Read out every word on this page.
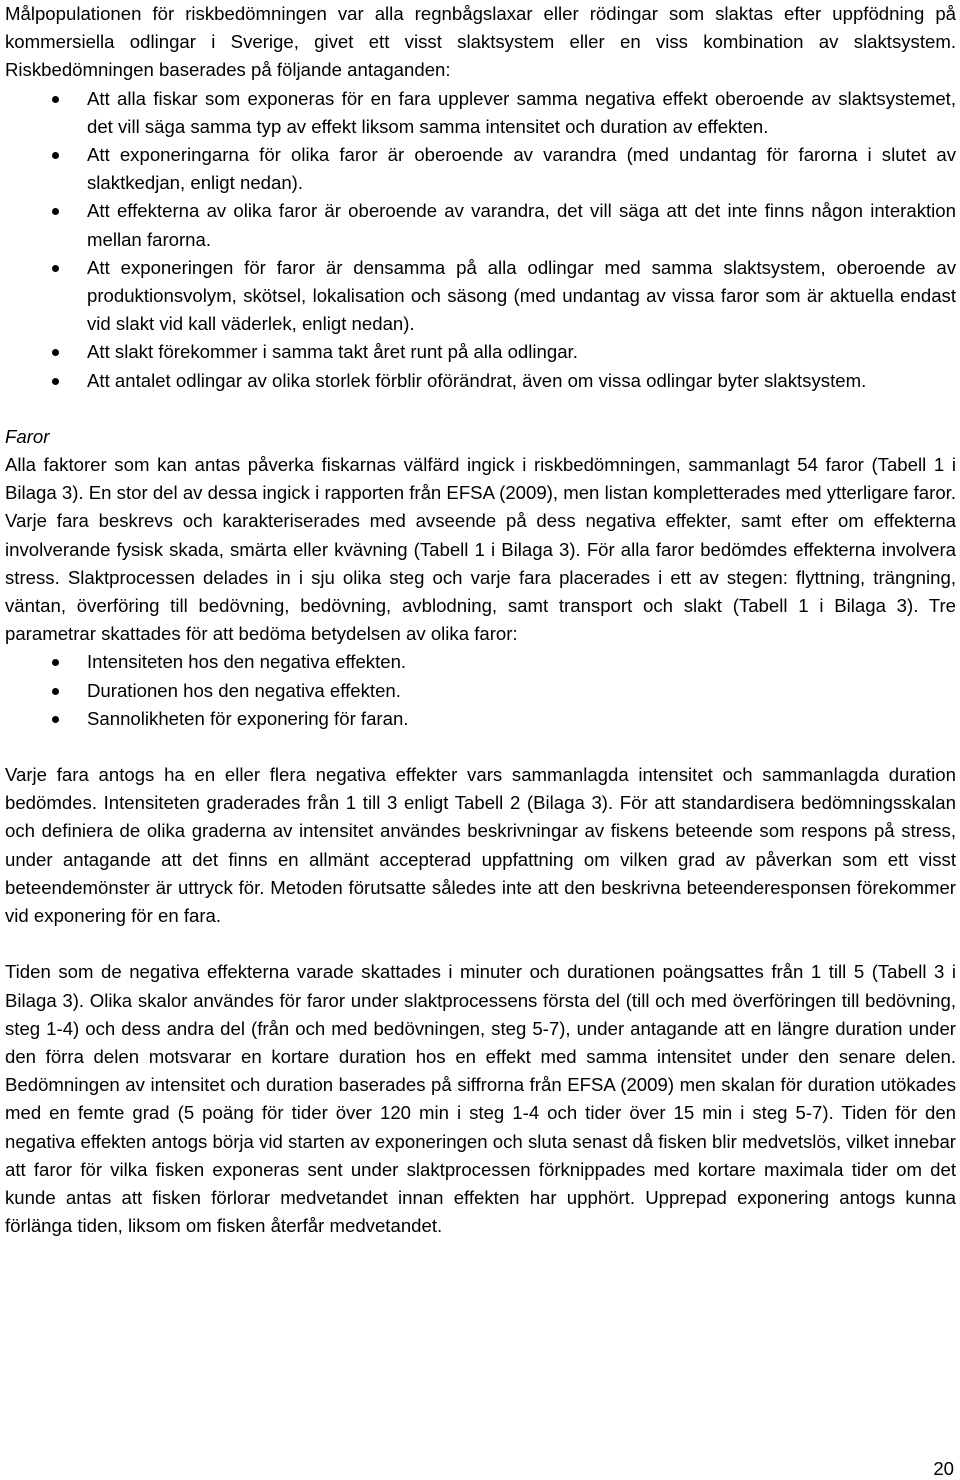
Målpopulationen för riskbedömningen var alla regnbågslaxar eller rödingar som slaktas efter uppfödning på kommersiella odlingar i Sverige, givet ett visst slaktsystem eller en viss kombination av slaktsystem. Riskbedömningen baserades på följande antaganden:

Att alla fiskar som exponeras för en fara upplever samma negativa effekt oberoende av slaktsystemet, det vill säga samma typ av effekt liksom samma intensitet och duration av effekten.
Att exponeringarna för olika faror är oberoende av varandra (med undantag för farorna i slutet av slaktkedjan, enligt nedan).
Att effekterna av olika faror är oberoende av varandra, det vill säga att det inte finns någon interaktion mellan farorna.
Att exponeringen för faror är densamma på alla odlingar med samma slaktsystem, oberoende av produktionsvolym, skötsel, lokalisation och säsong (med undantag av vissa faror som är aktuella endast vid slakt vid kall väderlek, enligt nedan).
Att slakt förekommer i samma takt året runt på alla odlingar.
Att antalet odlingar av olika storlek förblir oförändrat, även om vissa odlingar byter slaktsystem.

Faror

Alla faktorer som kan antas påverka fiskarnas välfärd ingick i riskbedömningen, sammanlagt 54 faror (Tabell 1 i Bilaga 3). En stor del av dessa ingick i rapporten från EFSA (2009), men listan kompletterades med ytterligare faror. Varje fara beskrevs och karakteriserades med avseende på dess negativa effekter, samt efter om effekterna involverande fysisk skada, smärta eller kvävning (Tabell 1 i Bilaga 3). För alla faror bedömdes effekterna involvera stress. Slaktprocessen delades in i sju olika steg och varje fara placerades i ett av stegen: flyttning, trängning, väntan, överföring till bedövning, bedövning, avblodning, samt transport och slakt (Tabell 1 i Bilaga 3). Tre parametrar skattades för att bedöma betydelsen av olika faror:

Intensiteten hos den negativa effekten.
Durationen hos den negativa effekten.
Sannolikheten för exponering för faran.

Varje fara antogs ha en eller flera negativa effekter vars sammanlagda intensitet och sammanlagda duration bedömdes. Intensiteten graderades från 1 till 3 enligt Tabell 2 (Bilaga 3). För att standardisera bedömningsskalan och definiera de olika graderna av intensitet användes beskrivningar av fiskens beteende som respons på stress, under antagande att det finns en allmänt accepterad uppfattning om vilken grad av påverkan som ett visst beteendemönster är uttryck för. Metoden förutsatte således inte att den beskrivna beteenderesponsen förekommer vid exponering för en fara.

Tiden som de negativa effekterna varade skattades i minuter och durationen poängsattes från 1 till 5 (Tabell 3 i Bilaga 3). Olika skalor användes för faror under slaktprocessens första del (till och med överföringen till bedövning, steg 1-4) och dess andra del (från och med bedövningen, steg 5-7), under antagande att en längre duration under den förra delen motsvarar en kortare duration hos en effekt med samma intensitet under den senare delen. Bedömningen av intensitet och duration baserades på siffrorna från EFSA (2009) men skalan för duration utökades med en femte grad (5 poäng för tider över 120 min i steg 1-4 och tider över 15 min i steg 5-7). Tiden för den negativa effekten antogs börja vid starten av exponeringen och sluta senast då fisken blir medvetslös, vilket innebar att faror för vilka fisken exponeras sent under slaktprocessen förknippades med kortare maximala tider om det kunde antas att fisken förlorar medvetandet innan effekten har upphört. Upprepad exponering antogs kunna förlänga tiden, liksom om fisken återfår medvetandet.

20
